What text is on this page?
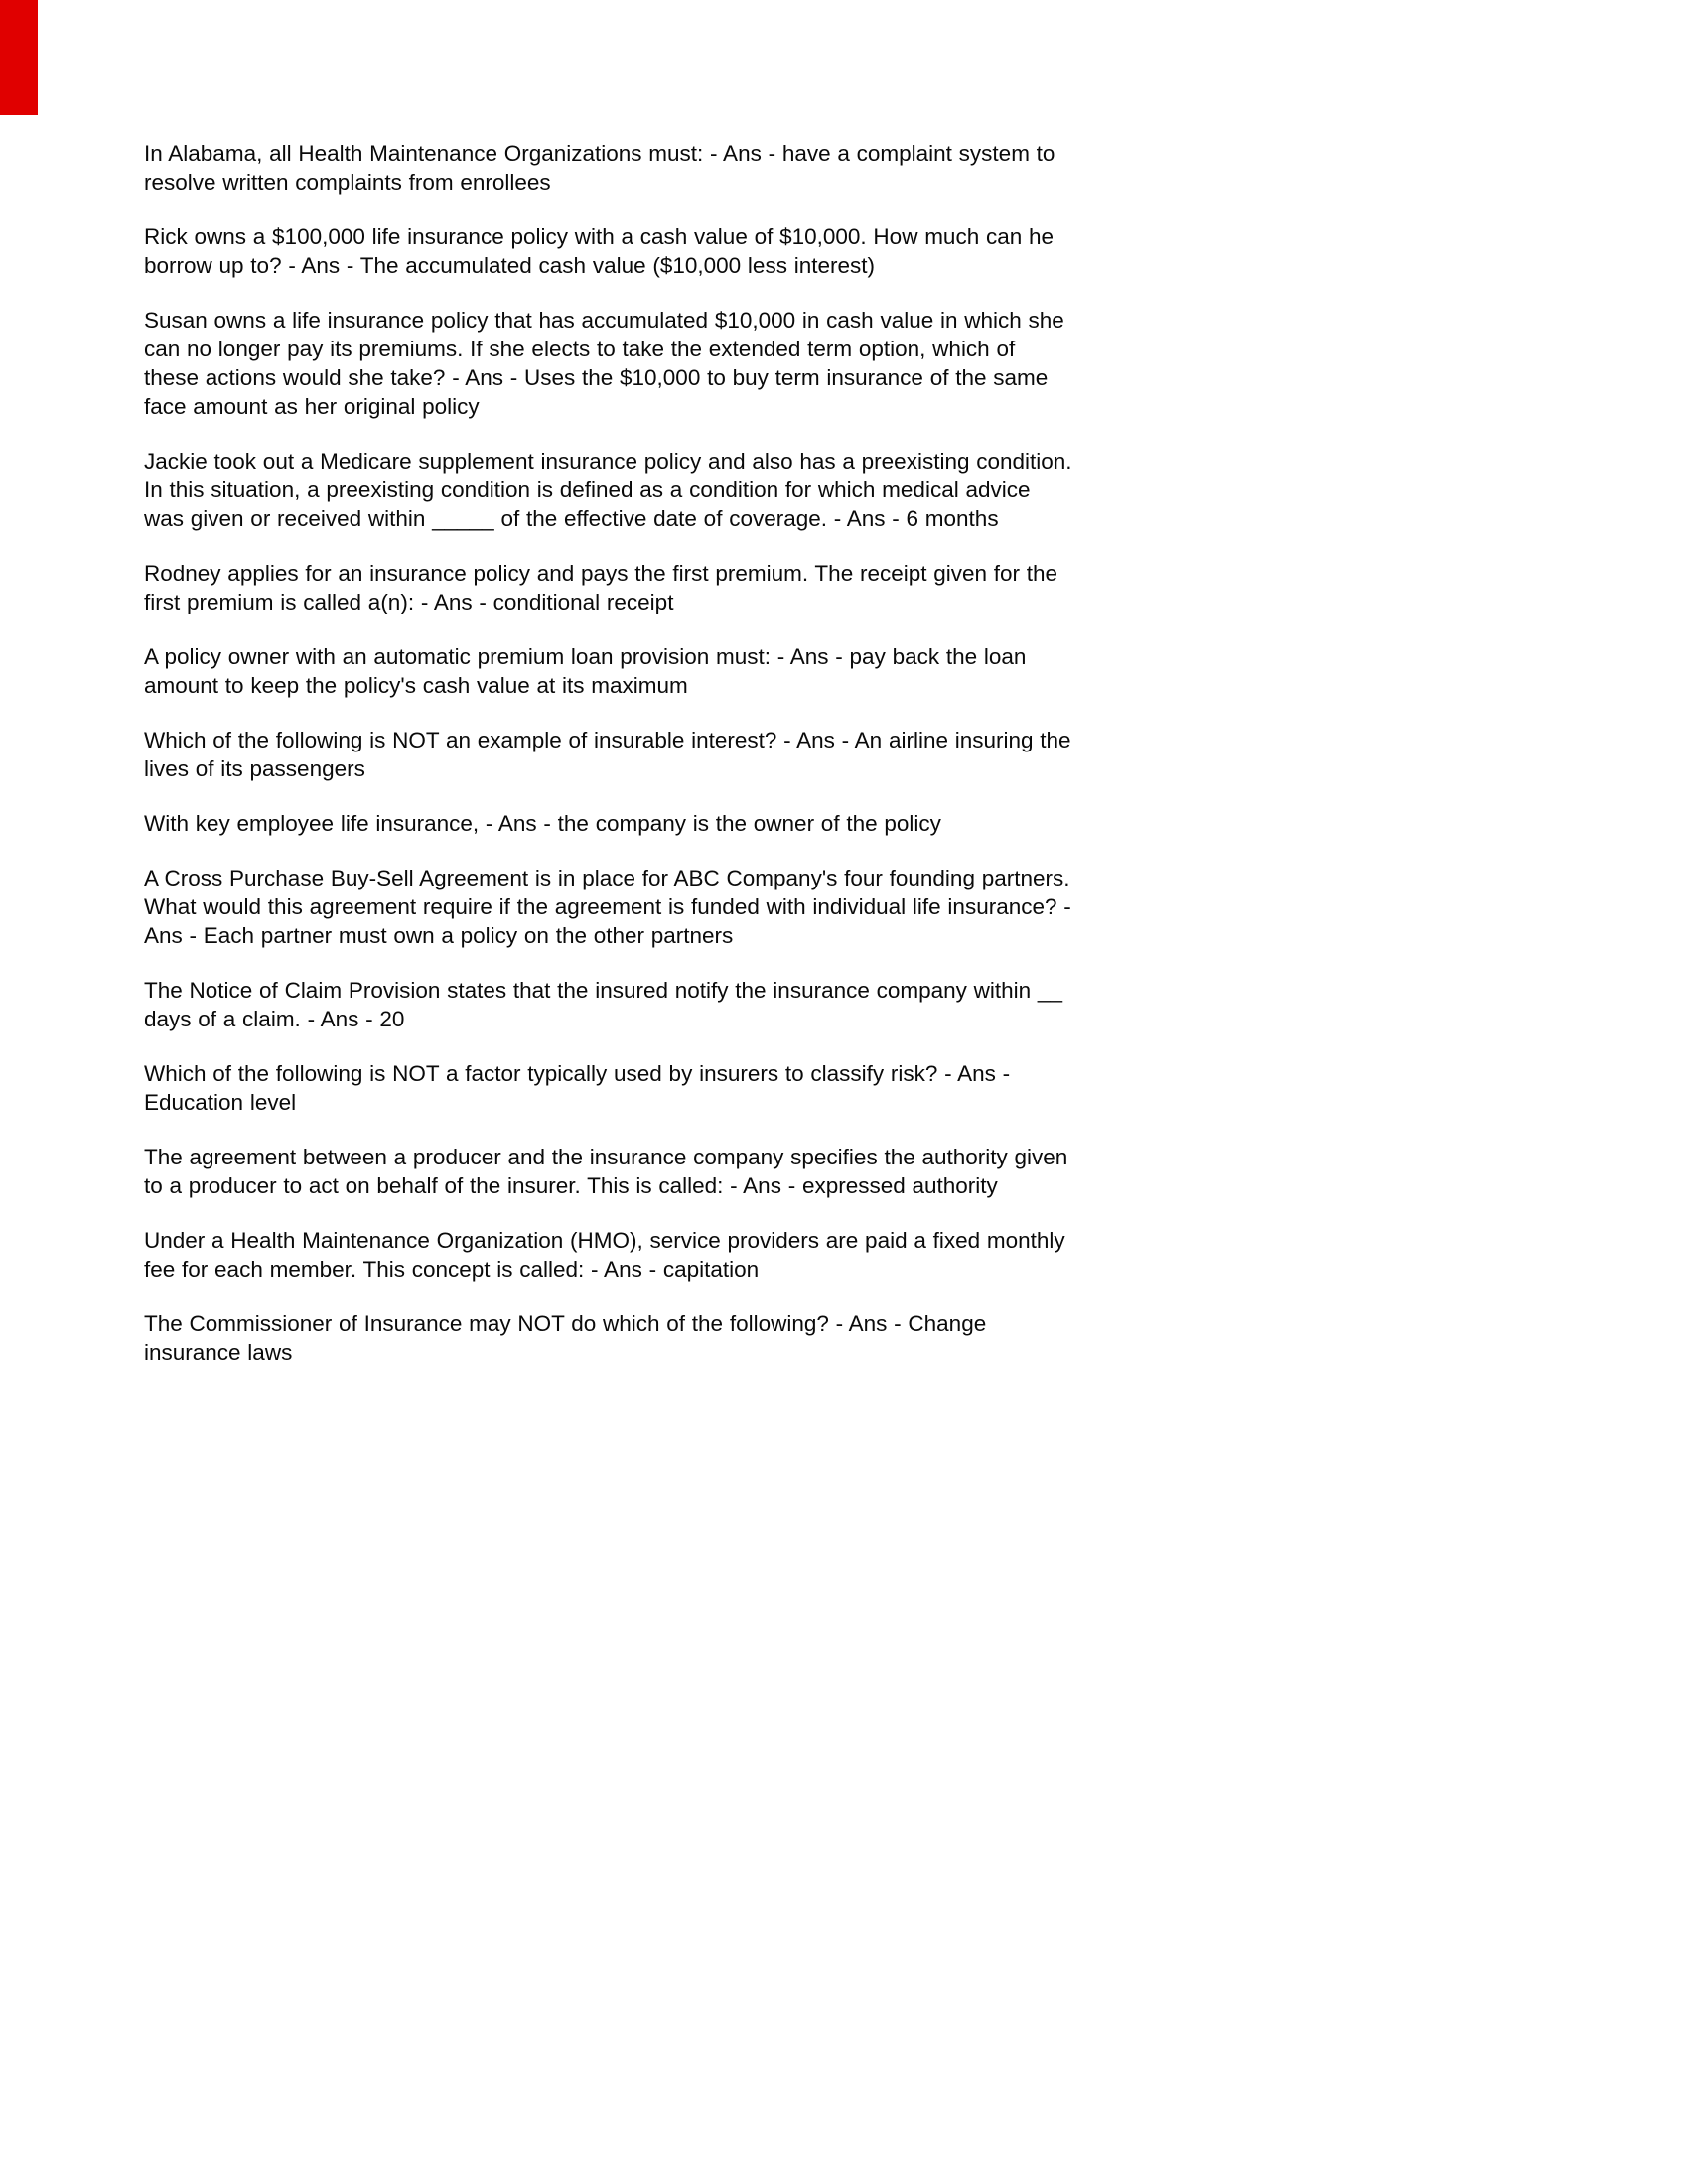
In Alabama, all Health Maintenance Organizations must: - Ans - have a complaint system to resolve written complaints from enrollees

Rick owns a $100,000 life insurance policy with a cash value of $10,000. How much can he borrow up to? - Ans - The accumulated cash value ($10,000 less interest)

Susan owns a life insurance policy that has accumulated $10,000 in cash value in which she can no longer pay its premiums. If she elects to take the extended term option, which of these actions would she take? - Ans - Uses the $10,000 to buy term insurance of the same face amount as her original policy

Jackie took out a Medicare supplement insurance policy and also has a preexisting condition. In this situation, a preexisting condition is defined as a condition for which medical advice was given or received within _____ of the effective date of coverage. - Ans - 6 months

Rodney applies for an insurance policy and pays the first premium. The receipt given for the first premium is called a(n): - Ans - conditional receipt

A policy owner with an automatic premium loan provision must: - Ans - pay back the loan amount to keep the policy's cash value at its maximum

Which of the following is NOT an example of insurable interest? - Ans - An airline insuring the lives of its passengers

With key employee life insurance, - Ans - the company is the owner of the policy

A Cross Purchase Buy-Sell Agreement is in place for ABC Company's four founding partners. What would this agreement require if the agreement is funded with individual life insurance? - Ans - Each partner must own a policy on the other partners

The Notice of Claim Provision states that the insured notify the insurance company within __ days of a claim. - Ans - 20

Which of the following is NOT a factor typically used by insurers to classify risk? - Ans - Education level

The agreement between a producer and the insurance company specifies the authority given to a producer to act on behalf of the insurer. This is called: - Ans - expressed authority

Under a Health Maintenance Organization (HMO), service providers are paid a fixed monthly fee for each member. This concept is called: - Ans - capitation

The Commissioner of Insurance may NOT do which of the following? - Ans - Change insurance laws
